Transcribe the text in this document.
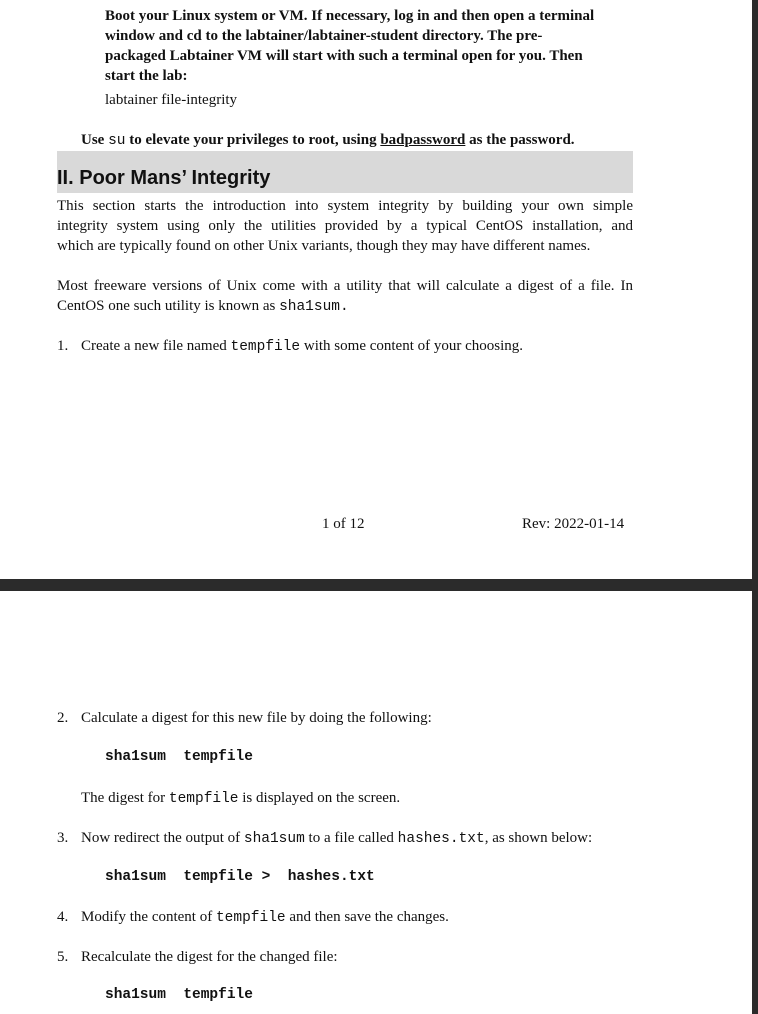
Boot your Linux system or VM. If necessary, log in and then open a terminal
window and cd to the labtainer/labtainer-student directory. The pre-
packaged Labtainer VM will start with such a terminal open for you. Then
start the lab:
labtainer file-integrity
Use su to elevate your privileges to root, using badpassword as the password.
II. Poor Mans’ Integrity
This section starts the introduction into system integrity by building your own simple
integrity system using only the utilities provided by a typical CentOS installation, and
which are typically found on other Unix variants, though they may have different names.
Most freeware versions of Unix come with a utility that will calculate a digest of a file. In
CentOS one such utility is known as sha1sum.
1. Create a new file named tempfile with some content of your choosing.
1 of 12	Rev: 2022-01-14
2. Calculate a digest for this new file by doing the following:
sha1sum  tempfile
The digest for tempfile is displayed on the screen.
3. Now redirect the output of sha1sum to a file called hashes.txt, as shown below:
sha1sum  tempfile >  hashes.txt
4. Modify the content of tempfile and then save the changes.
5. Recalculate the digest for the changed file:
sha1sum  tempfile
